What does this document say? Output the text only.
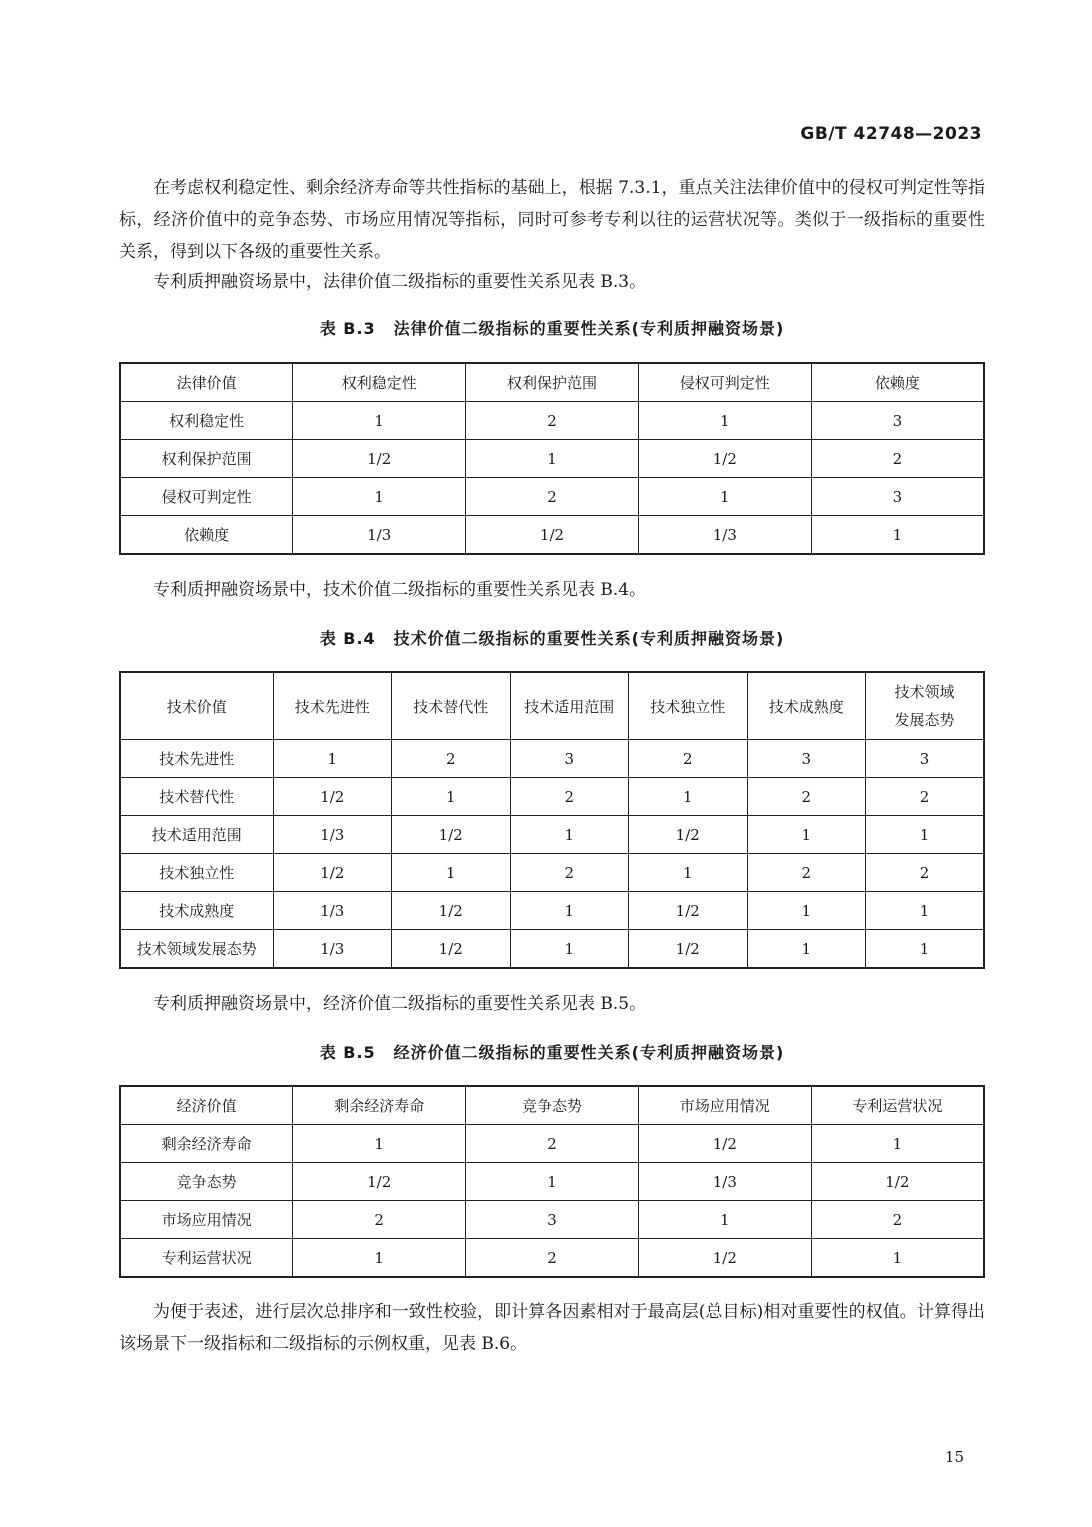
GB/T 42748—2023

在考虑权利稳定性、剩余经济寿命等共性指标的基础上，根据 7.3.1，重点关注法律价值中的侵权可判定性等指标，经济价值中的竞争态势、市场应用情况等指标，同时可参考专利以往的运营状况等。类似于一级指标的重要性关系，得到以下各级的重要性关系。

专利质押融资场景中，法律价值二级指标的重要性关系见表 B.3。

表 B.3 法律价值二级指标的重要性关系(专利质押融资场景)
法律价值	权利稳定性	权利保护范围	侵权可判定性	依赖度
权利稳定性	1	2	1	3
权利保护范围	1/2	1	1/2	2
侵权可判定性	1	2	1	3
依赖度	1/3	1/2	1/3	1

专利质押融资场景中，技术价值二级指标的重要性关系见表 B.4。

表 B.4 技术价值二级指标的重要性关系(专利质押融资场景)
技术价值	技术先进性	技术替代性	技术适用范围	技术独立性	技术成熟度	技术领域
发展态势
技术先进性	1	2	3	2	3	3
技术替代性	1/2	1	2	1	2	2
技术适用范围	1/3	1/2	1	1/2	1	1
技术独立性	1/2	1	2	1	2	2
技术成熟度	1/3	1/2	1	1/2	1	1
技术领域发展态势	1/3	1/2	1	1/2	1	1

专利质押融资场景中，经济价值二级指标的重要性关系见表 B.5。

表 B.5 经济价值二级指标的重要性关系(专利质押融资场景)
经济价值	剩余经济寿命	竞争态势	市场应用情况	专利运营状况
剩余经济寿命	1	2	1/2	1
竞争态势	1/2	1	1/3	1/2
市场应用情况	2	3	1	2
专利运营状况	1	2	1/2	1

为便于表述，进行层次总排序和一致性校验，即计算各因素相对于最高层(总目标)相对重要性的权值。计算得出该场景下一级指标和二级指标的示例权重，见表 B.6。

15
